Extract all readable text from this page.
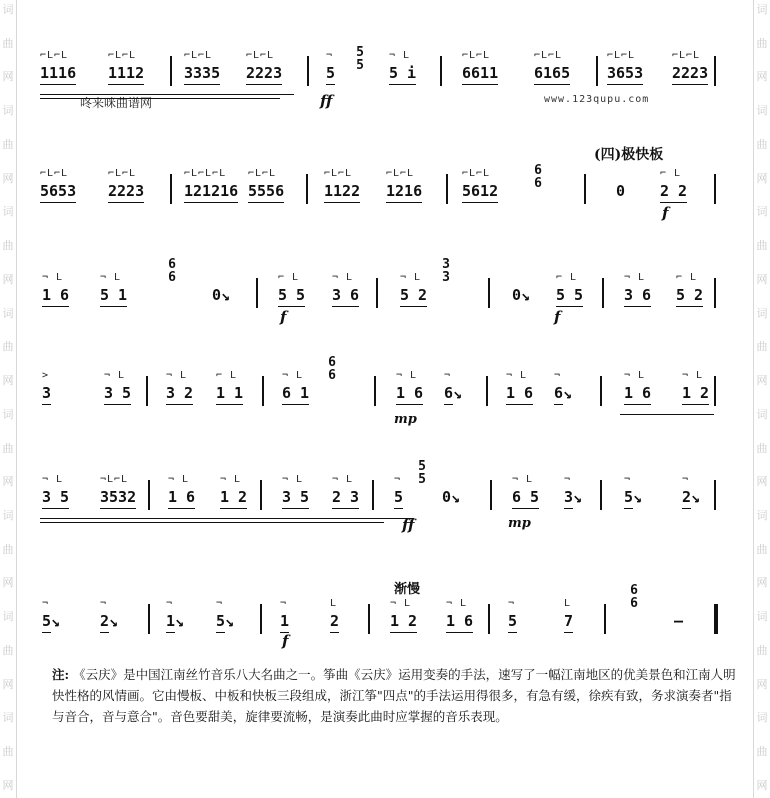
词
曲
网
词
曲
网
词
曲
网
词
曲
网
词
曲
网
词
曲
网
词
曲
网
词
曲
网
词
曲
网
词
曲
网
词
曲
网
词
曲
网
词
曲
网
词
曲
网
词
曲
网
词
曲
网
咚来咪曲谱网	www.123qupu.com
(四)极快板
渐慢
⌐L⌐L
1116
⌐L⌐L
1112
⌐L⌐L
3335
⌐L⌐L
2223
¬
5
¬ L
5 i
⌐L⌐L
6611
⌐L⌐L
6165
⌐L⌐L
3653
⌐L⌐L
2223
5
5
ff
⌐L⌐L
5653
⌐L⌐L
2223
⌐L⌐L⌐L
121216
⌐L⌐L
5556
⌐L⌐L
1122
⌐L⌐L
1216
⌐L⌐L
5612	0
⌐ L
2 2
6
6
f
¬ L
1 6
¬ L
5 1	0↘
⌐ L
5 5
¬ L
3 6
¬ L
5 2	0↘
⌐ L
5 5
¬ L
3 6
⌐ L
5 2
6
6
3
3
f	f
>
3
¬ L
3 5
¬ L
3 2
⌐ L
1 1
¬ L
6 1
¬ L
1 6
¬
6↘
¬ L
1 6
¬
6↘
¬ L
1 6
¬ L
1 2
6
6
mp
¬ L
3 5
¬L⌐L
3532
¬ L
1 6
¬ L
1 2
¬ L
3 5
¬ L
2 3
¬
5	0↘
¬ L
6 5
¬
3↘
¬
5↘
¬
2↘
5
5
ff	mp
¬
5↘
¬
2↘
¬
1↘
¬
5↘
¬
1
L
2
¬ L
1 2
¬ L
1 6
¬
5
L
7	–
6
6
f
注: 《云庆》是中国江南丝竹音乐八大名曲之一。筝曲《云庆》运用变奏的手法，速写了一幅江南地区的优美景色和江南人明快性格的风情画。它由慢板、中板和快板三段组成，浙江筝"四点"的手法运用得很多，有急有缓，徐疾有致，务求演奏者"指与音合，音与意合"。音色要甜美，旋律要流畅，是演奏此曲时应掌握的音乐表现。
